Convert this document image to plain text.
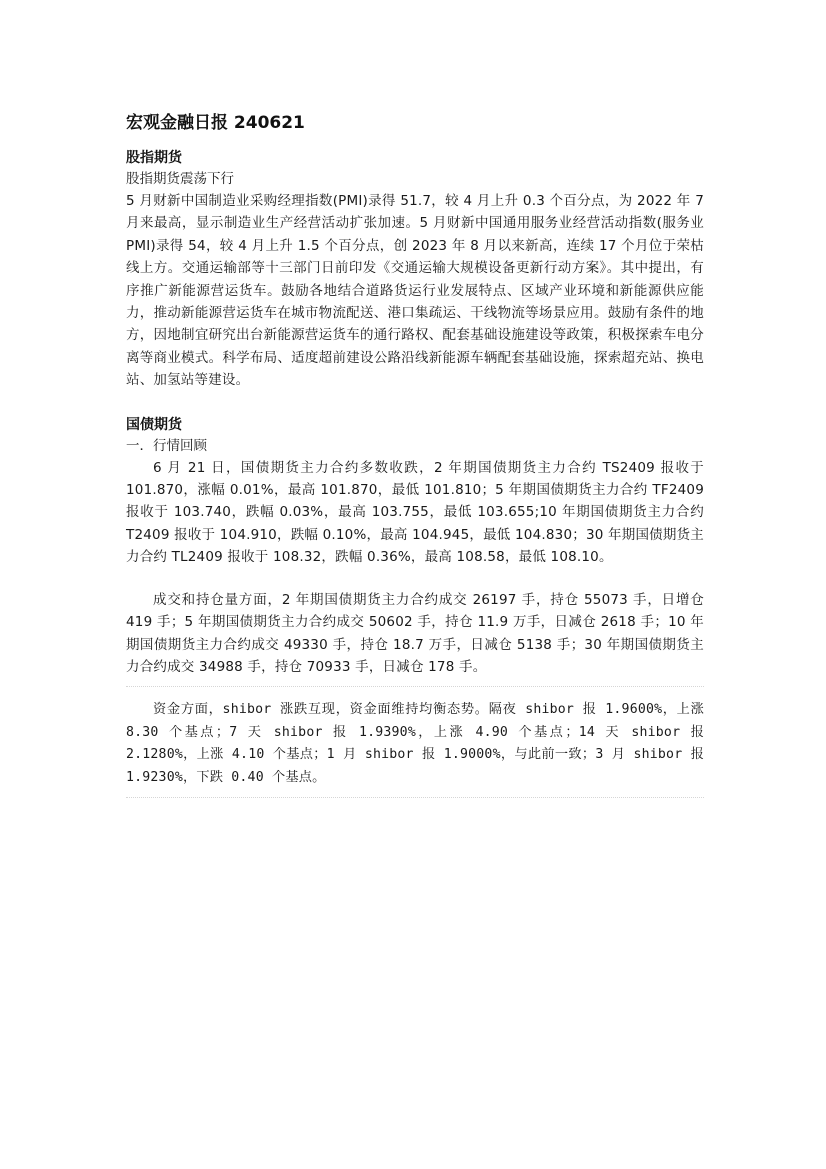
宏观金融日报 240621
股指期货

股指期货震荡下行

5 月财新中国制造业采购经理指数(PMI)录得 51.7，较 4 月上升 0.3 个百分点，为 2022 年 7 月来最高，显示制造业生产经营活动扩张加速。5 月财新中国通用服务业经营活动指数(服务业 PMI)录得 54，较 4 月上升 1.5 个百分点，创 2023 年 8 月以来新高，连续 17 个月位于荣枯线上方。交通运输部等十三部门日前印发《交通运输大规模设备更新行动方案》。其中提出，有序推广新能源营运货车。鼓励各地结合道路货运行业发展特点、区域产业环境和新能源供应能力，推动新能源营运货车在城市物流配送、港口集疏运、干线物流等场景应用。鼓励有条件的地方，因地制宜研究出台新能源营运货车的通行路权、配套基础设施建设等政策，积极探索车电分离等商业模式。科学布局、适度超前建设公路沿线新能源车辆配套基础设施，探索超充站、换电站、加氢站等建设。

国债期货

一．行情回顾

6 月 21 日，国债期货主力合约多数收跌，2 年期国债期货主力合约 TS2409 报收于 101.870，涨幅 0.01%，最高 101.870，最低 101.810；5 年期国债期货主力合约 TF2409 报收于 103.740，跌幅 0.03%，最高 103.755，最低 103.655;10 年期国债期货主力合约 T2409 报收于 104.910，跌幅 0.10%，最高 104.945，最低 104.830；30 年期国债期货主力合约 TL2409 报收于 108.32，跌幅 0.36%，最高 108.58，最低 108.10。

成交和持仓量方面，2 年期国债期货主力合约成交 26197 手，持仓 55073 手，日增仓 419 手；5 年期国债期货主力合约成交 50602 手，持仓 11.9 万手，日减仓 2618 手；10 年期国债期货主力合约成交 49330 手，持仓 18.7 万手，日减仓 5138 手；30 年期国债期货主力合约成交 34988 手，持仓 70933 手，日减仓 178 手。

资金方面，shibor 涨跌互现，资金面维持均衡态势。隔夜 shibor 报 1.9600%，上涨 8.30 个基点；7 天 shibor 报 1.9390%，上涨 4.90 个基点；14 天 shibor 报 2.1280%，上涨 4.10 个基点；1 月 shibor 报 1.9000%，与此前一致；3 月 shibor 报 1.9230%，下跌 0.40 个基点。
